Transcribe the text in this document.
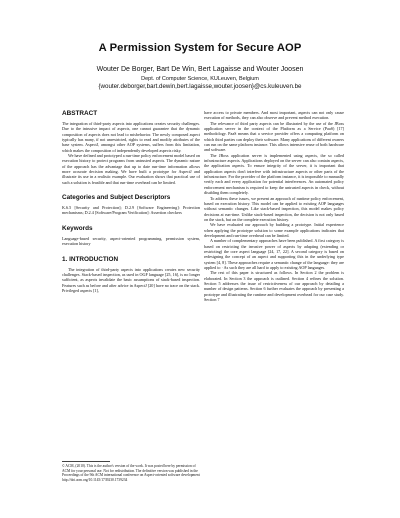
A Permission System for Secure AOP
Wouter De Borger, Bart De Win, Bert Lagaisse and Wouter Joosen
Dept. of Computer Science, KULeuven, Belgium
{wouter.deborger,bart.dewin,bert.lagaisse,wouter.joosen}@cs.kuleuven.be
ABSTRACT

The integration of third-party aspects into applications creates security challenges. Due to the intrusive impact of aspects, one cannot guarantee that the dynamic composition of aspects does not lead to misbehavior. The newly composed aspect typically has many, if not unrestricted, rights to read and modify attributes of the base system. AspectJ, amongst other AOP systems, suffers from this limitation, which makes the composition of independently developed aspects risky.

We have defined and prototyped a run-time policy enforcement model based on execution history to protect programs from untrusted aspects. The dynamic nature of the approach has the advantage that up to date run-time information allows more accurate decision making. We have built a prototype for AspectJ and illustrate its use in a realistic example. Our evaluation shows that practical use of such a solution is feasible and that run-time overhead can be limited.

Categories and Subject Descriptors

K.6.5 [Security and Protection]; D.2.9 [Software Engineering]: Protection mechanisms; D.2.4 [Software/Program Verification]: Assertion checkers

Keywords

Language-based security, aspect-oriented programming, permission system, execution history

1. INTRODUCTION

The integration of third-party aspects into applications creates new security challenges. Stack-based inspection, as used in OGF language [25, 16], is no longer sufficient, as aspects invalidate the basic assumptions of stack-based inspection. Features such as before and after advice in AspectJ [20] have no trace on the stack. Privileged aspects [1],

© ACM, (2010). This is the author's version of the work. It was posted here by permission of ACM for your personal use. Not for redistribution. The definitive version was published in the Proceedings of the 9th ACM international conference on Aspect-oriented software development http://doi.acm.org/10.1145/1739230.1739234

have access to private members. And most important, aspects can not only cause execution of methods, they can also observe and prevent method execution.

The relevance of third party aspects can be illustrated by the use of the JBoss application server in the context of the Platform as a Service (PaaS) [17] methodology. PaaS means that a service provider offers a computing platform on which third parties can deploy their software. Many applications of different owners can run on the same platform instance. This allows intensive reuse of both hardware and software.

The JBoss application server is implemented using aspects, the so called infrastructure aspects. Applications deployed on the server can also contain aspects, the application aspects. To ensure integrity of the server, it is important that application aspects don't interfere with infrastructure aspects or other parts of the infrastructure. For the provider of the platform instance, it is impossible to manually verify each and every application for potential interferences. An automated policy enforcement mechanism is required to keep the untrusted aspects in check, without disabling them completely.

To address these issues, we present an approach of runtime policy enforcement, based on execution history. This model can be applied to existing AOP languages without semantic changes. Like stack-based inspection, this model makes policy decisions at run-time. Unlike stack-based inspection, the decision is not only based on the stack, but on the complete execution history.

We have evaluated our approach by building a prototype. Initial experience when applying the prototype solution to some example applications indicates that development and run-time overhead can be limited.

A number of complementary approaches have been published. A first category is based on restricting the invasive power of aspects by adapting (extending or restricting) the core aspect language [24, 17, 22]. A second category is based on redesigning the concept of an aspect and supporting this in the underlying type system [4, 8]. These approaches require a semantic change of the language: they are applied to · As such they are all hard to apply to existing AOP languages.

The rest of this paper is structured as follows. In Section 2 the problem is elaborated. In Section 3 the approach is outlined. Section 4 refines the solution. Section 5 addresses the issue of restrictiveness of our approach by detailing a number of design patterns. Section 6 further evaluates the approach by presenting a prototype and illustrating the runtime and development overhead for our case study. Section 7
